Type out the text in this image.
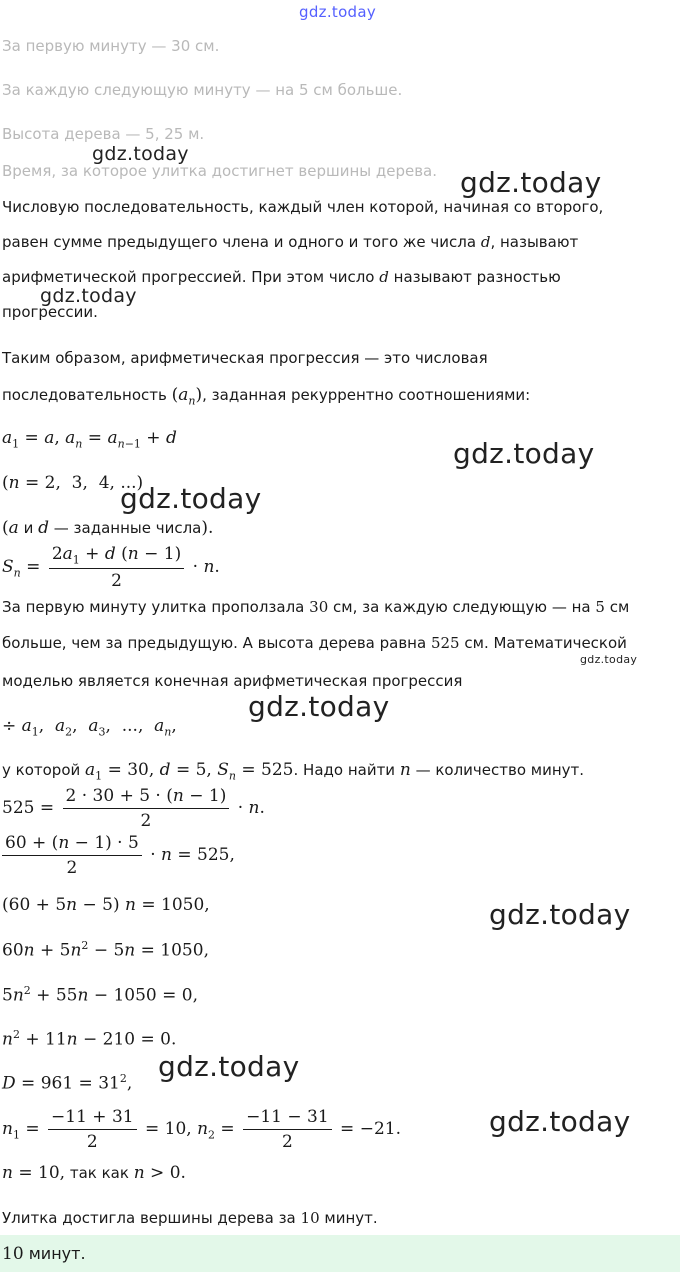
gdz.today
За первую минуту — 30 см.
За каждую следующую минуту — на 5 см больше.
Высота дерева — 5, 25 м.
Время, за которое улитка достигнет вершины дерева.
Числовую последовательность, каждый член которой, начиная со второго,
равен сумме предыдущего члена и одного и того же числа d, называют
арифметической прогрессией. При этом число d называют разностью
прогрессии.
Таким образом, арифметическая прогрессия — это числовая
последовательность $(a_n)$, заданная рекуррентно соотношениями:
$a_1 = a$, $a_n = a_{n-1} + d$
(n = 2,  3,  4, ...)
(a и d — заданные числа).
$S_n = \frac{2a_1 + d (n - 1)}{2} \cdot n$.
За первую минуту улитка проползала 30 см, за каждую следующую — на 5 см
больше, чем за предыдущую. А высота дерева равна 525 см. Математической
моделью является конечная арифметическая прогрессия
÷ $a_1$,  $a_2$,  $a_3$,  ...,  $a_n$,
у которой $a_1 = 30$, d = 5, $S_n = 525$. Надо найти n — количество минут.
$525 = \frac{2 \cdot 30 + 5 \cdot (n - 1)}{2} \cdot n$.
$\frac{60 + (n - 1) \cdot 5}{2} \cdot n = 525$,
(60 + 5n − 5) n = 1050,
$60n + 5n^2 - 5n = 1050$,
$5n^2 + 55n - 1050 = 0$,
$n^2 + 11n - 210 = 0$.
$D = 961 = 31^2$,
$n_1 = \frac{-11 + 31}{2} = 10$, $n_2 = \frac{-11 - 31}{2} = -21$.
n = 10, так как n > 0.
Улитка достигла вершины дерева за 10 минут.
10 минут.
gdz.today
gdz.today
gdz.today
gdz.today
gdz.today
gdz.today
gdz.today
gdz.today
gdz.today
gdz.today
